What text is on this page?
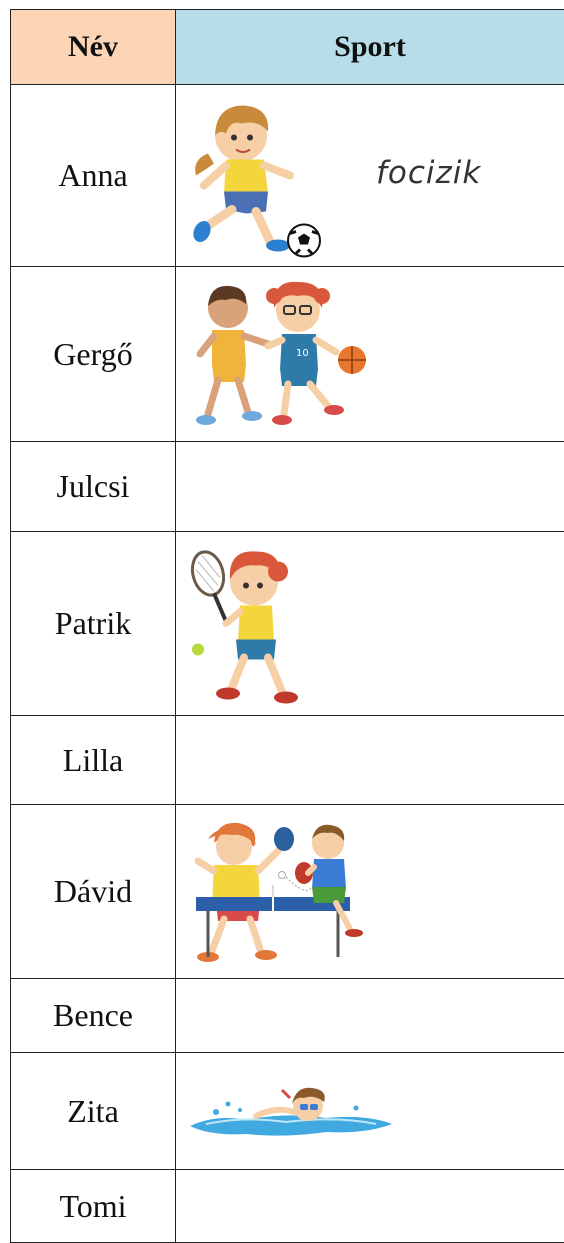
Név	Sport
Anna	focizik

Gergő	10

Julcsi	
Patrik	

Lilla	
Dávid	

Bence	
Zita	

Tomi	
